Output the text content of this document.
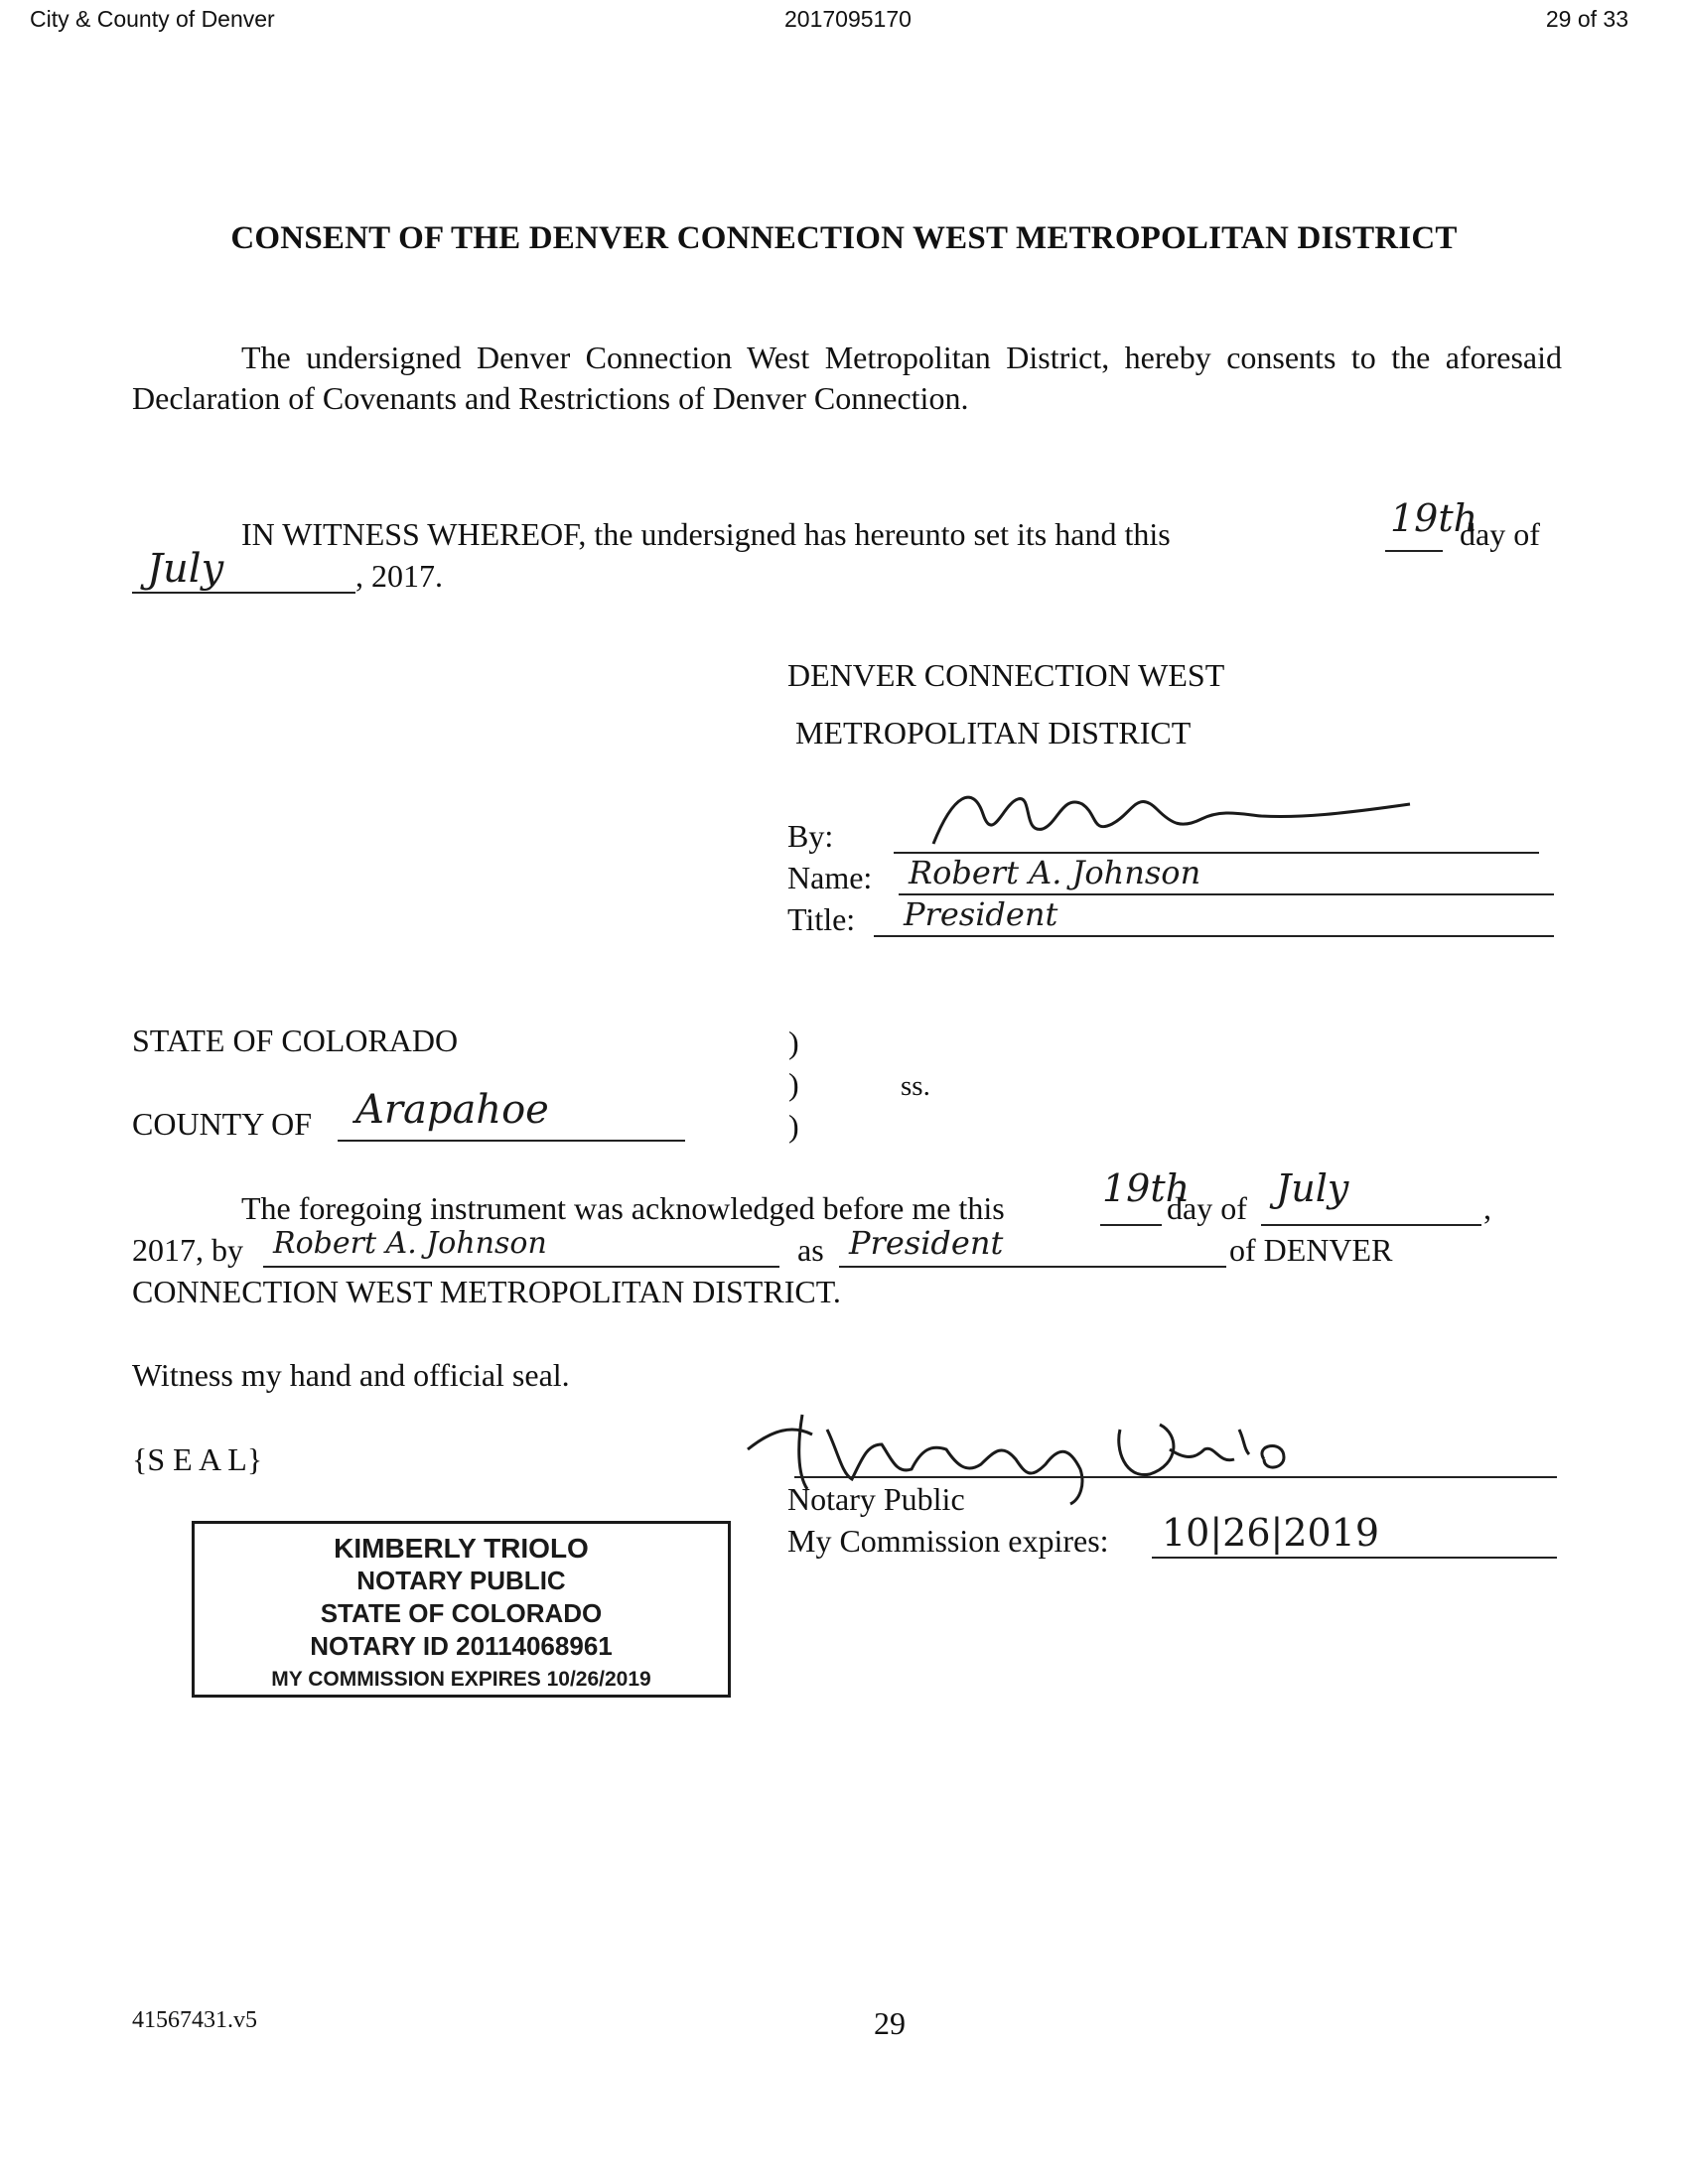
City & County of Denver	2017095170	29 of 33
CONSENT OF THE DENVER CONNECTION WEST METROPOLITAN DISTRICT
The undersigned Denver Connection West Metropolitan District, hereby consents to the aforesaid Declaration of Covenants and Restrictions of Denver Connection.
IN WITNESS WHEREOF, the undersigned has hereunto set its hand this	19th
day of
July	, 2017.
DENVER CONNECTION WEST
METROPOLITAN DISTRICT
By:
Name: Robert A. Johnson
Title: President
STATE OF COLORADO	)
)	ss.
)
COUNTY OF Arapahoe
The foregoing instrument was acknowledged before me this	19th
day of July	,
2017, by Robert A. Johnson	as President	of DENVER
CONNECTION WEST METROPOLITAN DISTRICT.
Witness my hand and official seal.
{S E A L}
Notary Public
My Commission expires: 10|26|2019
KIMBERLY TRIOLO
NOTARY PUBLIC
STATE OF COLORADO
NOTARY ID 20114068961
MY COMMISSION EXPIRES 10/26/2019
41567431.v5	29
